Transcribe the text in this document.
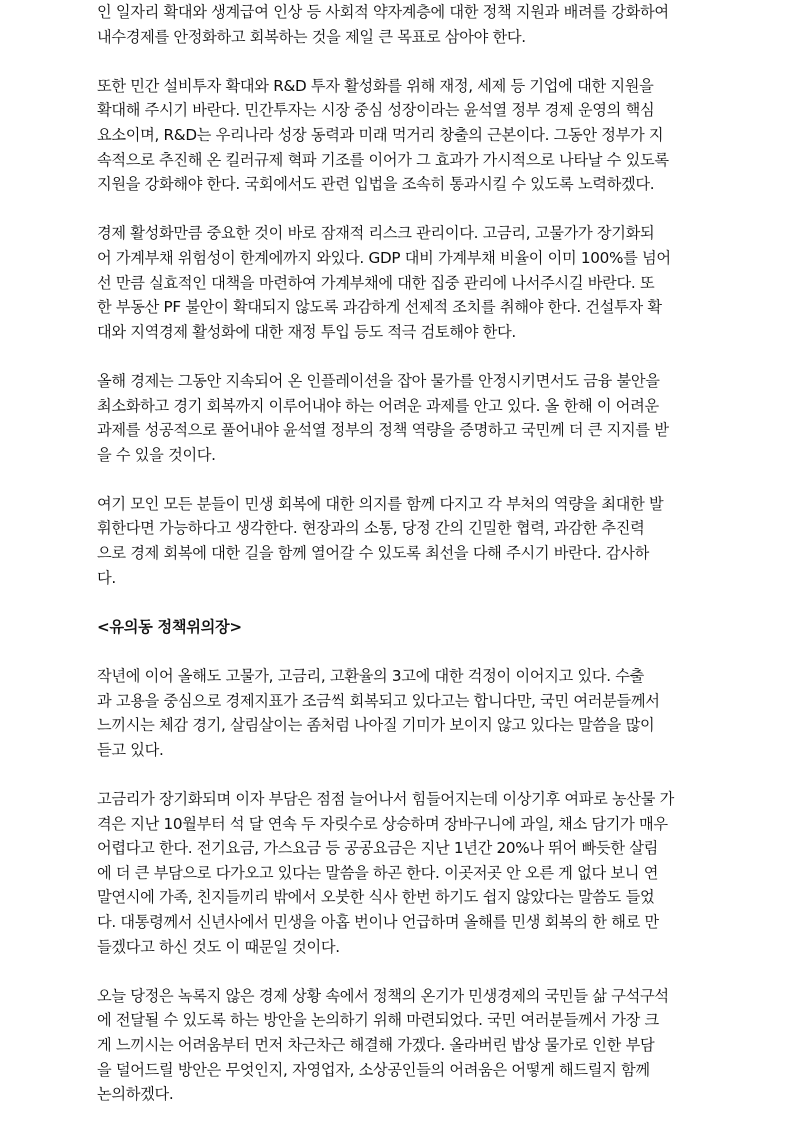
인 일자리 확대와 생계급여 인상 등 사회적 약자계층에 대한 정책 지원과 배려를 강화하여
내수경제를 안정화하고 회복하는 것을 제일 큰 목표로 삼아야 한다.
또한 민간 설비투자 확대와 R&D 투자 활성화를 위해 재정, 세제 등 기업에 대한 지원을
확대해 주시기 바란다. 민간투자는 시장 중심 성장이라는 윤석열 정부 경제 운영의 핵심
요소이며, R&D는 우리나라 성장 동력과 미래 먹거리 창출의 근본이다. 그동안 정부가 지
속적으로 추진해 온 킬러규제 혁파 기조를 이어가 그 효과가 가시적으로 나타날 수 있도록
지원을 강화해야 한다. 국회에서도 관련 입법을 조속히 통과시킬 수 있도록 노력하겠다.
경제 활성화만큼 중요한 것이 바로 잠재적 리스크 관리이다. 고금리, 고물가가 장기화되
어 가계부채 위험성이 한계에까지 와있다. GDP 대비 가계부채 비율이 이미 100%를 넘어
선 만큼 실효적인 대책을 마련하여 가계부채에 대한 집중 관리에 나서주시길 바란다. 또
한 부동산 PF 불안이 확대되지 않도록 과감하게 선제적 조치를 취해야 한다. 건설투자 확
대와 지역경제 활성화에 대한 재정 투입 등도 적극 검토해야 한다.
올해 경제는 그동안 지속되어 온 인플레이션을 잡아 물가를 안정시키면서도 금융 불안을
최소화하고 경기 회복까지 이루어내야 하는 어려운 과제를 안고 있다. 올 한해 이 어려운
과제를 성공적으로 풀어내야 윤석열 정부의 정책 역량을 증명하고 국민께 더 큰 지지를 받
을 수 있을 것이다.
여기 모인 모든 분들이 민생 회복에 대한 의지를 함께 다지고 각 부처의 역량을 최대한 발
휘한다면 가능하다고 생각한다. 현장과의 소통, 당정 간의 긴밀한 협력, 과감한 추진력
으로 경제 회복에 대한 길을 함께 열어갈 수 있도록 최선을 다해 주시기 바란다. 감사하
다.
<유의동 정책위의장>
작년에 이어 올해도 고물가, 고금리, 고환율의 3고에 대한 걱정이 이어지고 있다. 수출
과 고용을 중심으로 경제지표가 조금씩 회복되고 있다고는 합니다만, 국민 여러분들께서
느끼시는 체감 경기, 살림살이는 좀처럼 나아질 기미가 보이지 않고 있다는 말씀을 많이
듣고 있다.
고금리가 장기화되며 이자 부담은 점점 늘어나서 힘들어지는데 이상기후 여파로 농산물 가
격은 지난 10월부터 석 달 연속 두 자릿수로 상승하며 장바구니에 과일, 채소 담기가 매우
어렵다고 한다. 전기요금, 가스요금 등 공공요금은 지난 1년간 20%나 뛰어 빠듯한 살림
에 더 큰 부담으로 다가오고 있다는 말씀을 하곤 한다. 이곳저곳 안 오른 게 없다 보니 연
말연시에 가족, 친지들끼리 밖에서 오붓한 식사 한번 하기도 쉽지 않았다는 말씀도 들었
다. 대통령께서 신년사에서 민생을 아홉 번이나 언급하며 올해를 민생 회복의 한 해로 만
들겠다고 하신 것도 이 때문일 것이다.
오늘 당정은 녹록지 않은 경제 상황 속에서 정책의 온기가 민생경제의 국민들 삶 구석구석
에 전달될 수 있도록 하는 방안을 논의하기 위해 마련되었다. 국민 여러분들께서 가장 크
게 느끼시는 어려움부터 먼저 차근차근 해결해 가겠다. 올라버린 밥상 물가로 인한 부담
을 덜어드릴 방안은 무엇인지, 자영업자, 소상공인들의 어려움은 어떻게 해드릴지 함께
논의하겠다.
